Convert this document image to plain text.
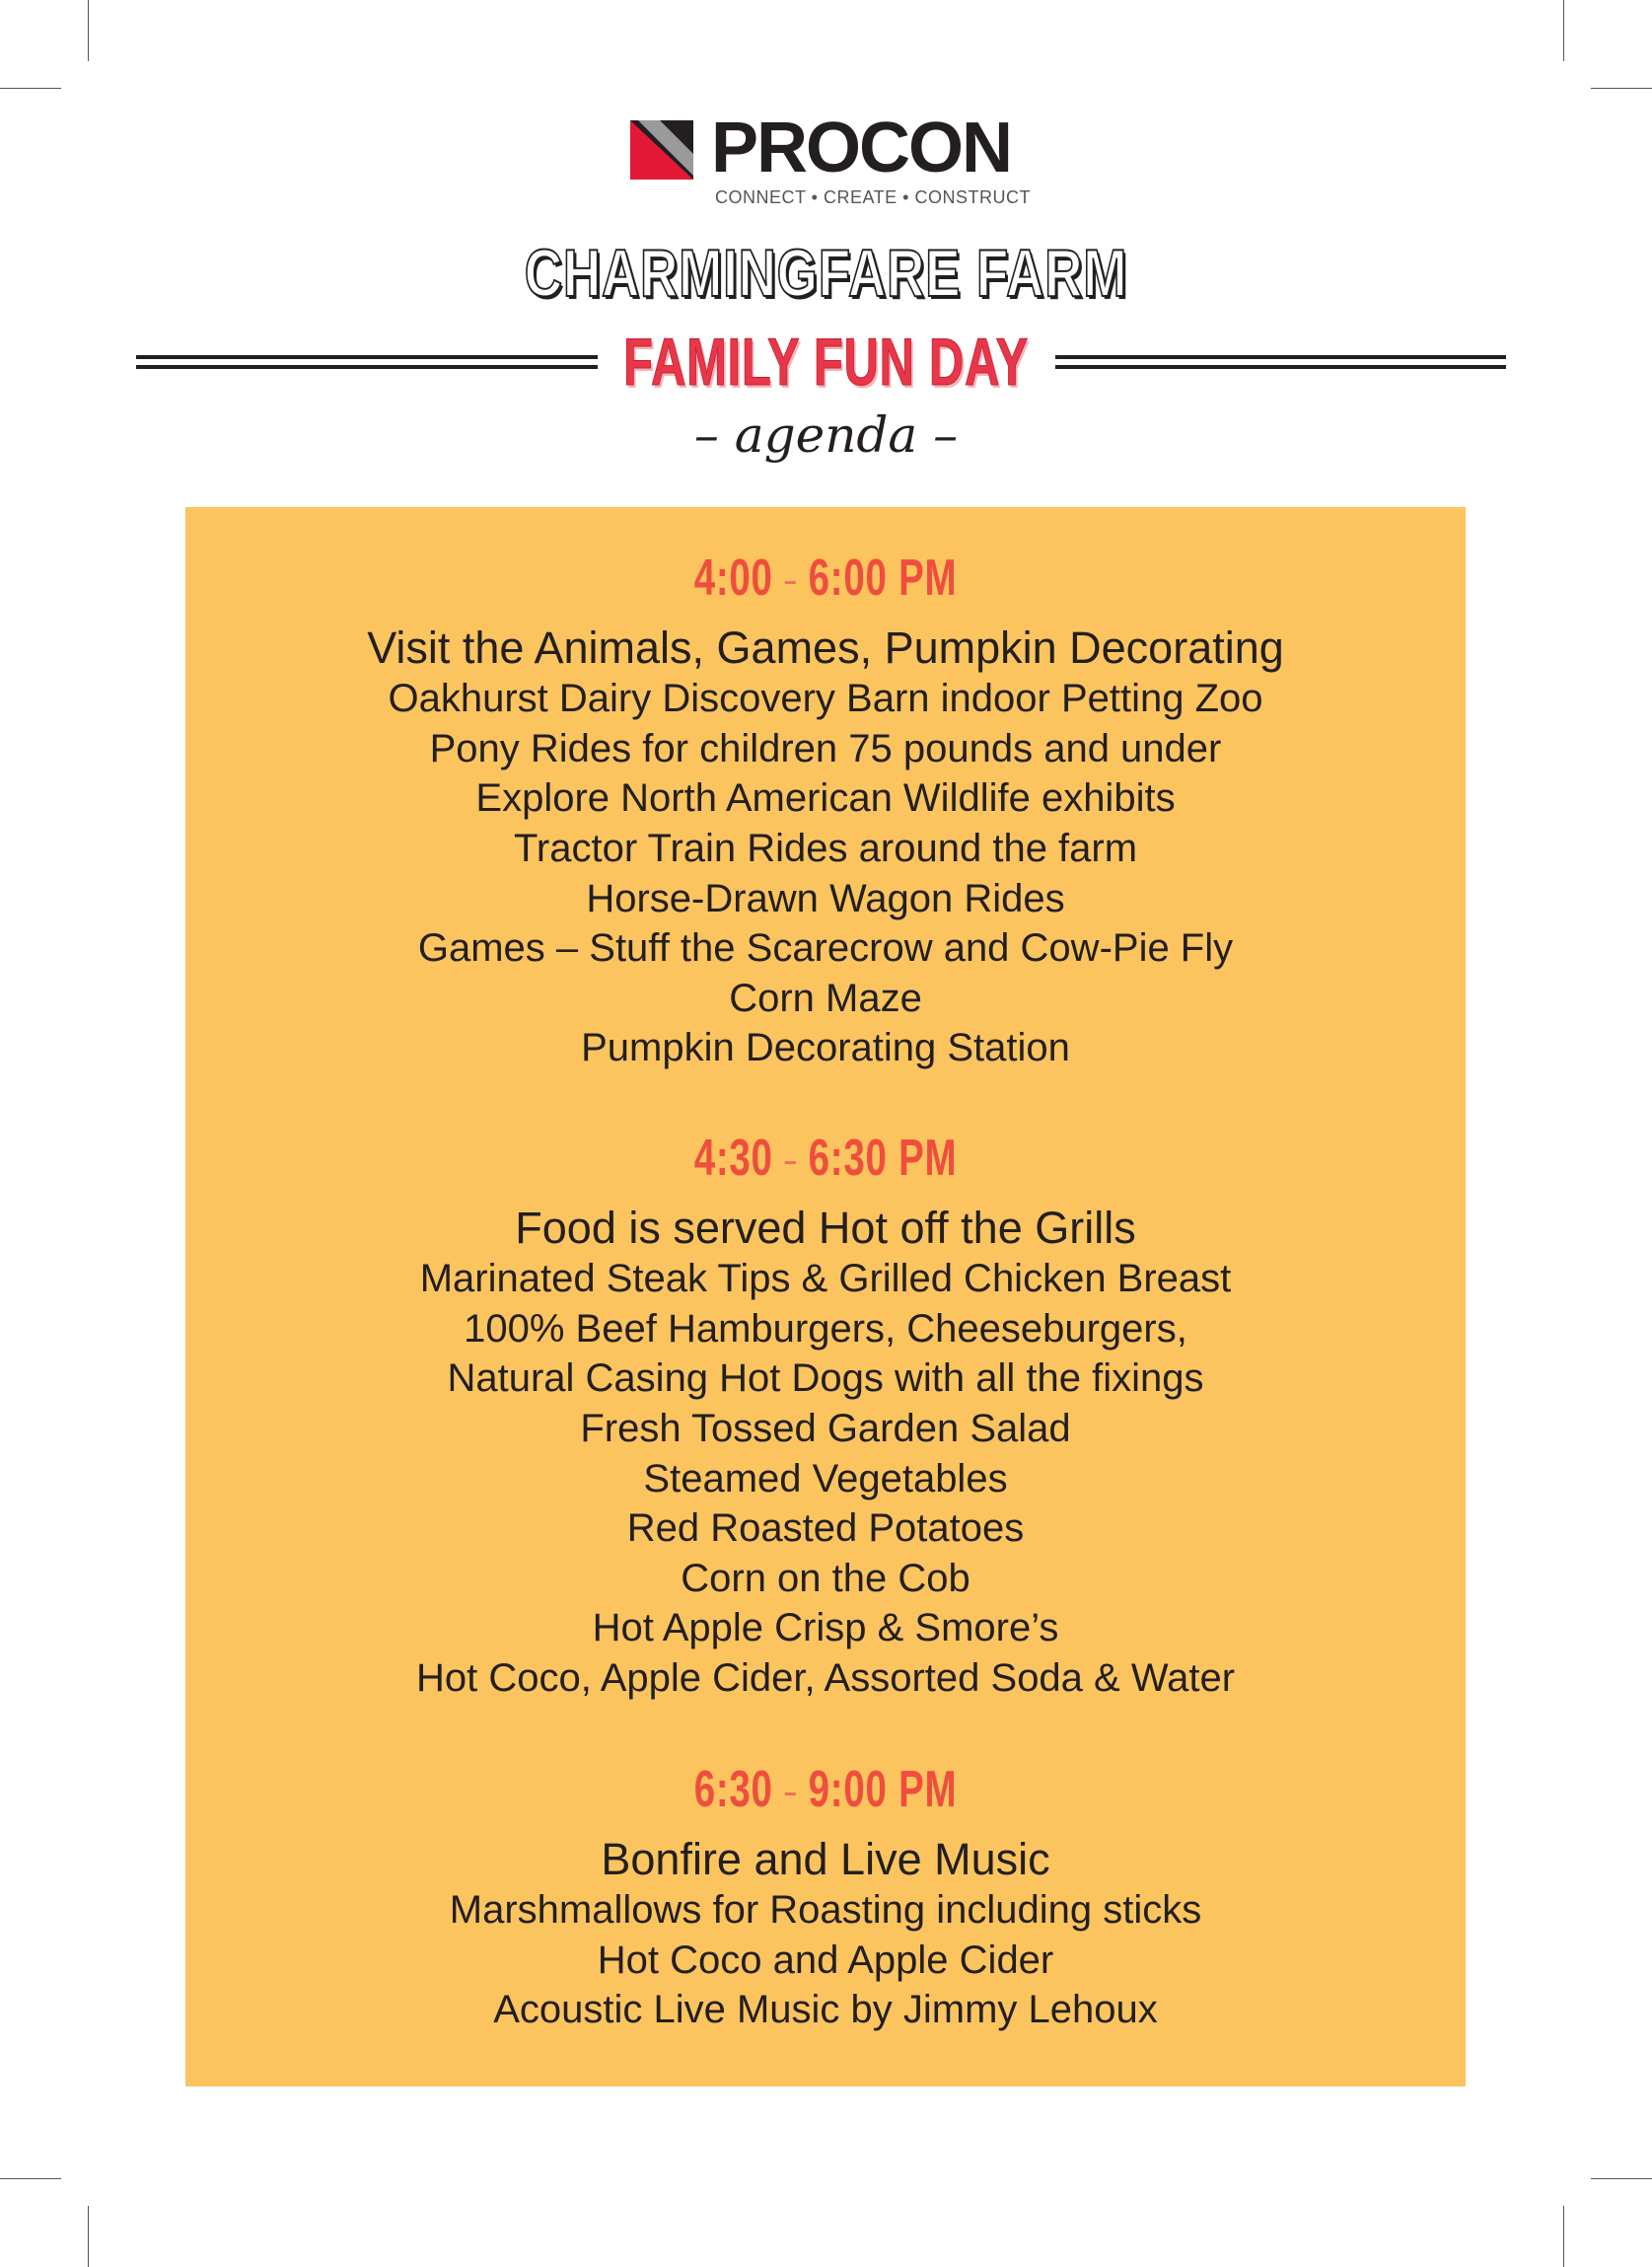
PROCON
CONNECT • CREATE • CONSTRUCT
CHARMINGFARE FARM
FAMILY FUN DAY
– agenda –
4:00 – 6:00 PM
Visit the Animals, Games, Pumpkin Decorating
Oakhurst Dairy Discovery Barn indoor Petting Zoo
Pony Rides for children 75 pounds and under
Explore North American Wildlife exhibits
Tractor Train Rides around the farm
Horse-Drawn Wagon Rides
Games – Stuff the Scarecrow and Cow-Pie Fly
Corn Maze
Pumpkin Decorating Station
4:30 – 6:30 PM
Food is served Hot off the Grills
Marinated Steak Tips & Grilled Chicken Breast
100% Beef Hamburgers, Cheeseburgers,
Natural Casing Hot Dogs with all the fixings
Fresh Tossed Garden Salad
Steamed Vegetables
Red Roasted Potatoes
Corn on the Cob
Hot Apple Crisp & Smore’s
Hot Coco, Apple Cider, Assorted Soda & Water
6:30 – 9:00 PM
Bonfire and Live Music
Marshmallows for Roasting including sticks
Hot Coco and Apple Cider
Acoustic Live Music by Jimmy Lehoux
